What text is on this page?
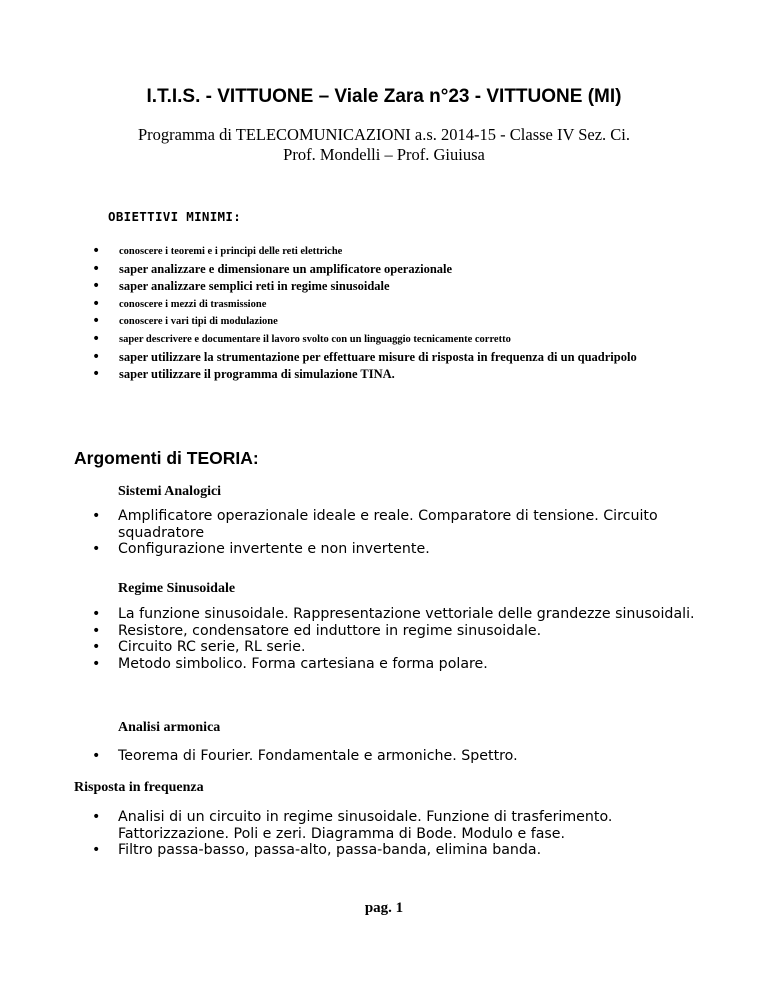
I.T.I.S. - VITTUONE – Viale Zara n°23 - VITTUONE (MI)
Programma di TELECOMUNICAZIONI a.s. 2014-15 - Classe IV Sez. Ci.
Prof. Mondelli – Prof. Giuiusa
OBIETTIVI MINIMI:
• conoscere i teoremi e i principi delle reti elettriche
• saper analizzare e dimensionare un amplificatore operazionale
• saper analizzare semplici reti in regime sinusoidale
• conoscere i mezzi di trasmissione
• conoscere i vari tipi di modulazione
• saper descrivere e documentare il lavoro svolto con un linguaggio tecnicamente corretto
• saper utilizzare la strumentazione per effettuare misure di risposta in frequenza di un quadripolo
• saper utilizzare il programma di simulazione TINA.
Argomenti di TEORIA:
Sistemi Analogici
• Amplificatore operazionale ideale e reale. Comparatore di tensione. Circuito squadratore
• Configurazione invertente e non invertente.
Regime Sinusoidale
• La funzione sinusoidale. Rappresentazione vettoriale delle grandezze sinusoidali.
• Resistore, condensatore ed induttore in regime sinusoidale.
• Circuito RC serie, RL serie.
• Metodo simbolico. Forma cartesiana e forma polare.
Analisi armonica
• Teorema di Fourier. Fondamentale e armoniche. Spettro.
Risposta in frequenza
• Analisi di un circuito in regime sinusoidale. Funzione di trasferimento. Fattorizzazione. Poli e zeri. Diagramma di Bode. Modulo e fase.
• Filtro passa-basso, passa-alto, passa-banda, elimina banda.
pag. 1
